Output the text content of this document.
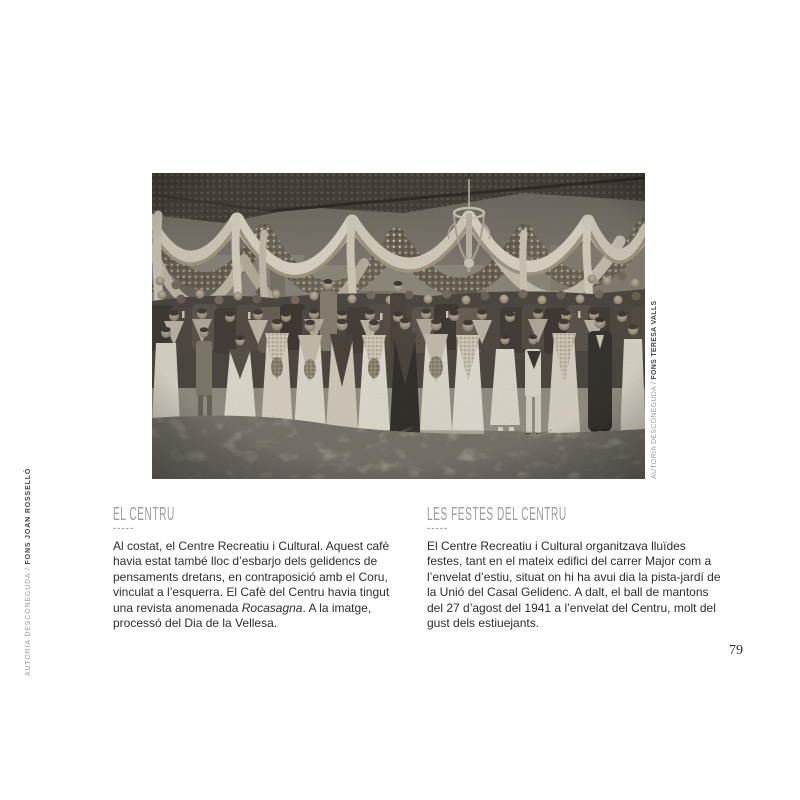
AUTORIA DESCONEGUDA / FONS JOAN ROSSELLÓ
AUTORIA DESCONEGUDA / FONS TERESA VALLS
EL CENTRU
-----

Al costat, el Centre Recreatiu i Cultural. Aquest cafè havia estat també lloc d’esbarjo dels gelidencs de pensaments dretans, en contraposició amb el Coru, vinculat a l’esquerra. El Cafè del Centru havia tingut una revista anomenada Rocasagna. A la imatge, processó del Dia de la Vellesa.

LES FESTES DEL CENTRU
-----

El Centre Recreatiu i Cultural organitzava lluïdes festes, tant en el mateix edifici del carrer Major com a l’envelat d’estiu, situat on hi ha avui dia la pista-jardí de la Unió del Casal Gelidenc. A dalt, el ball de mantons del 27 d’agost del 1941 a l’envelat del Centru, molt del gust dels estiuejants.

79
